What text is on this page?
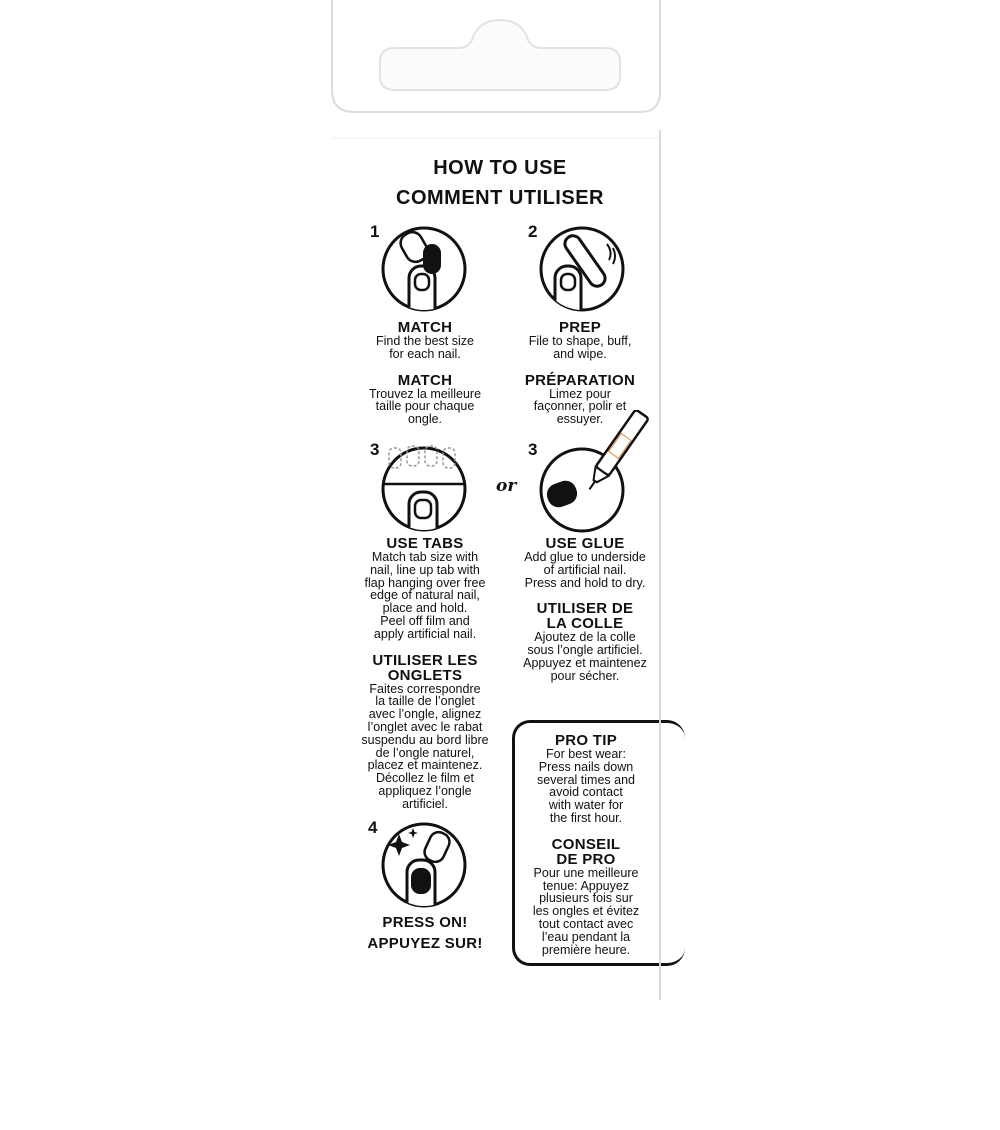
HOW TO USE
COMMENT UTILISER
1
MATCH
Find the best size
for each nail.
MATCH
Trouvez la meilleure
taille pour chaque
ongle.
2
PREP
File to shape, buff,
and wipe.
PRÉPARATION
Limez pour
façonner, polir et
essuyer.
3
USE TABS
Match tab size with
nail, line up tab with
flap hanging over free
edge of natural nail,
place and hold.
Peel off film and
apply artificial nail.
UTILISER LES
ONGLETS
Faites correspondre
la taille de l’onglet
avec l’ongle, alignez
l’onglet avec le rabat
suspendu au bord libre
de l’ongle naturel,
placez et maintenez.
Décollez le film et
appliquez l’ongle
artificiel.
or
3
USE GLUE
Add glue to underside
of artificial nail.
Press and hold to dry.
UTILISER DE
LA COLLE
Ajoutez de la colle
sous l’ongle artificiel.
Appuyez et maintenez
pour sécher.
4
PRESS ON!
APPUYEZ SUR!
PRO TIP
For best wear:
Press nails down
several times and
avoid contact
with water for
the first hour.
CONSEIL
DE PRO
Pour une meilleure
tenue: Appuyez
plusieurs fois sur
les ongles et évitez
tout contact avec
l’eau pendant la
première heure.
